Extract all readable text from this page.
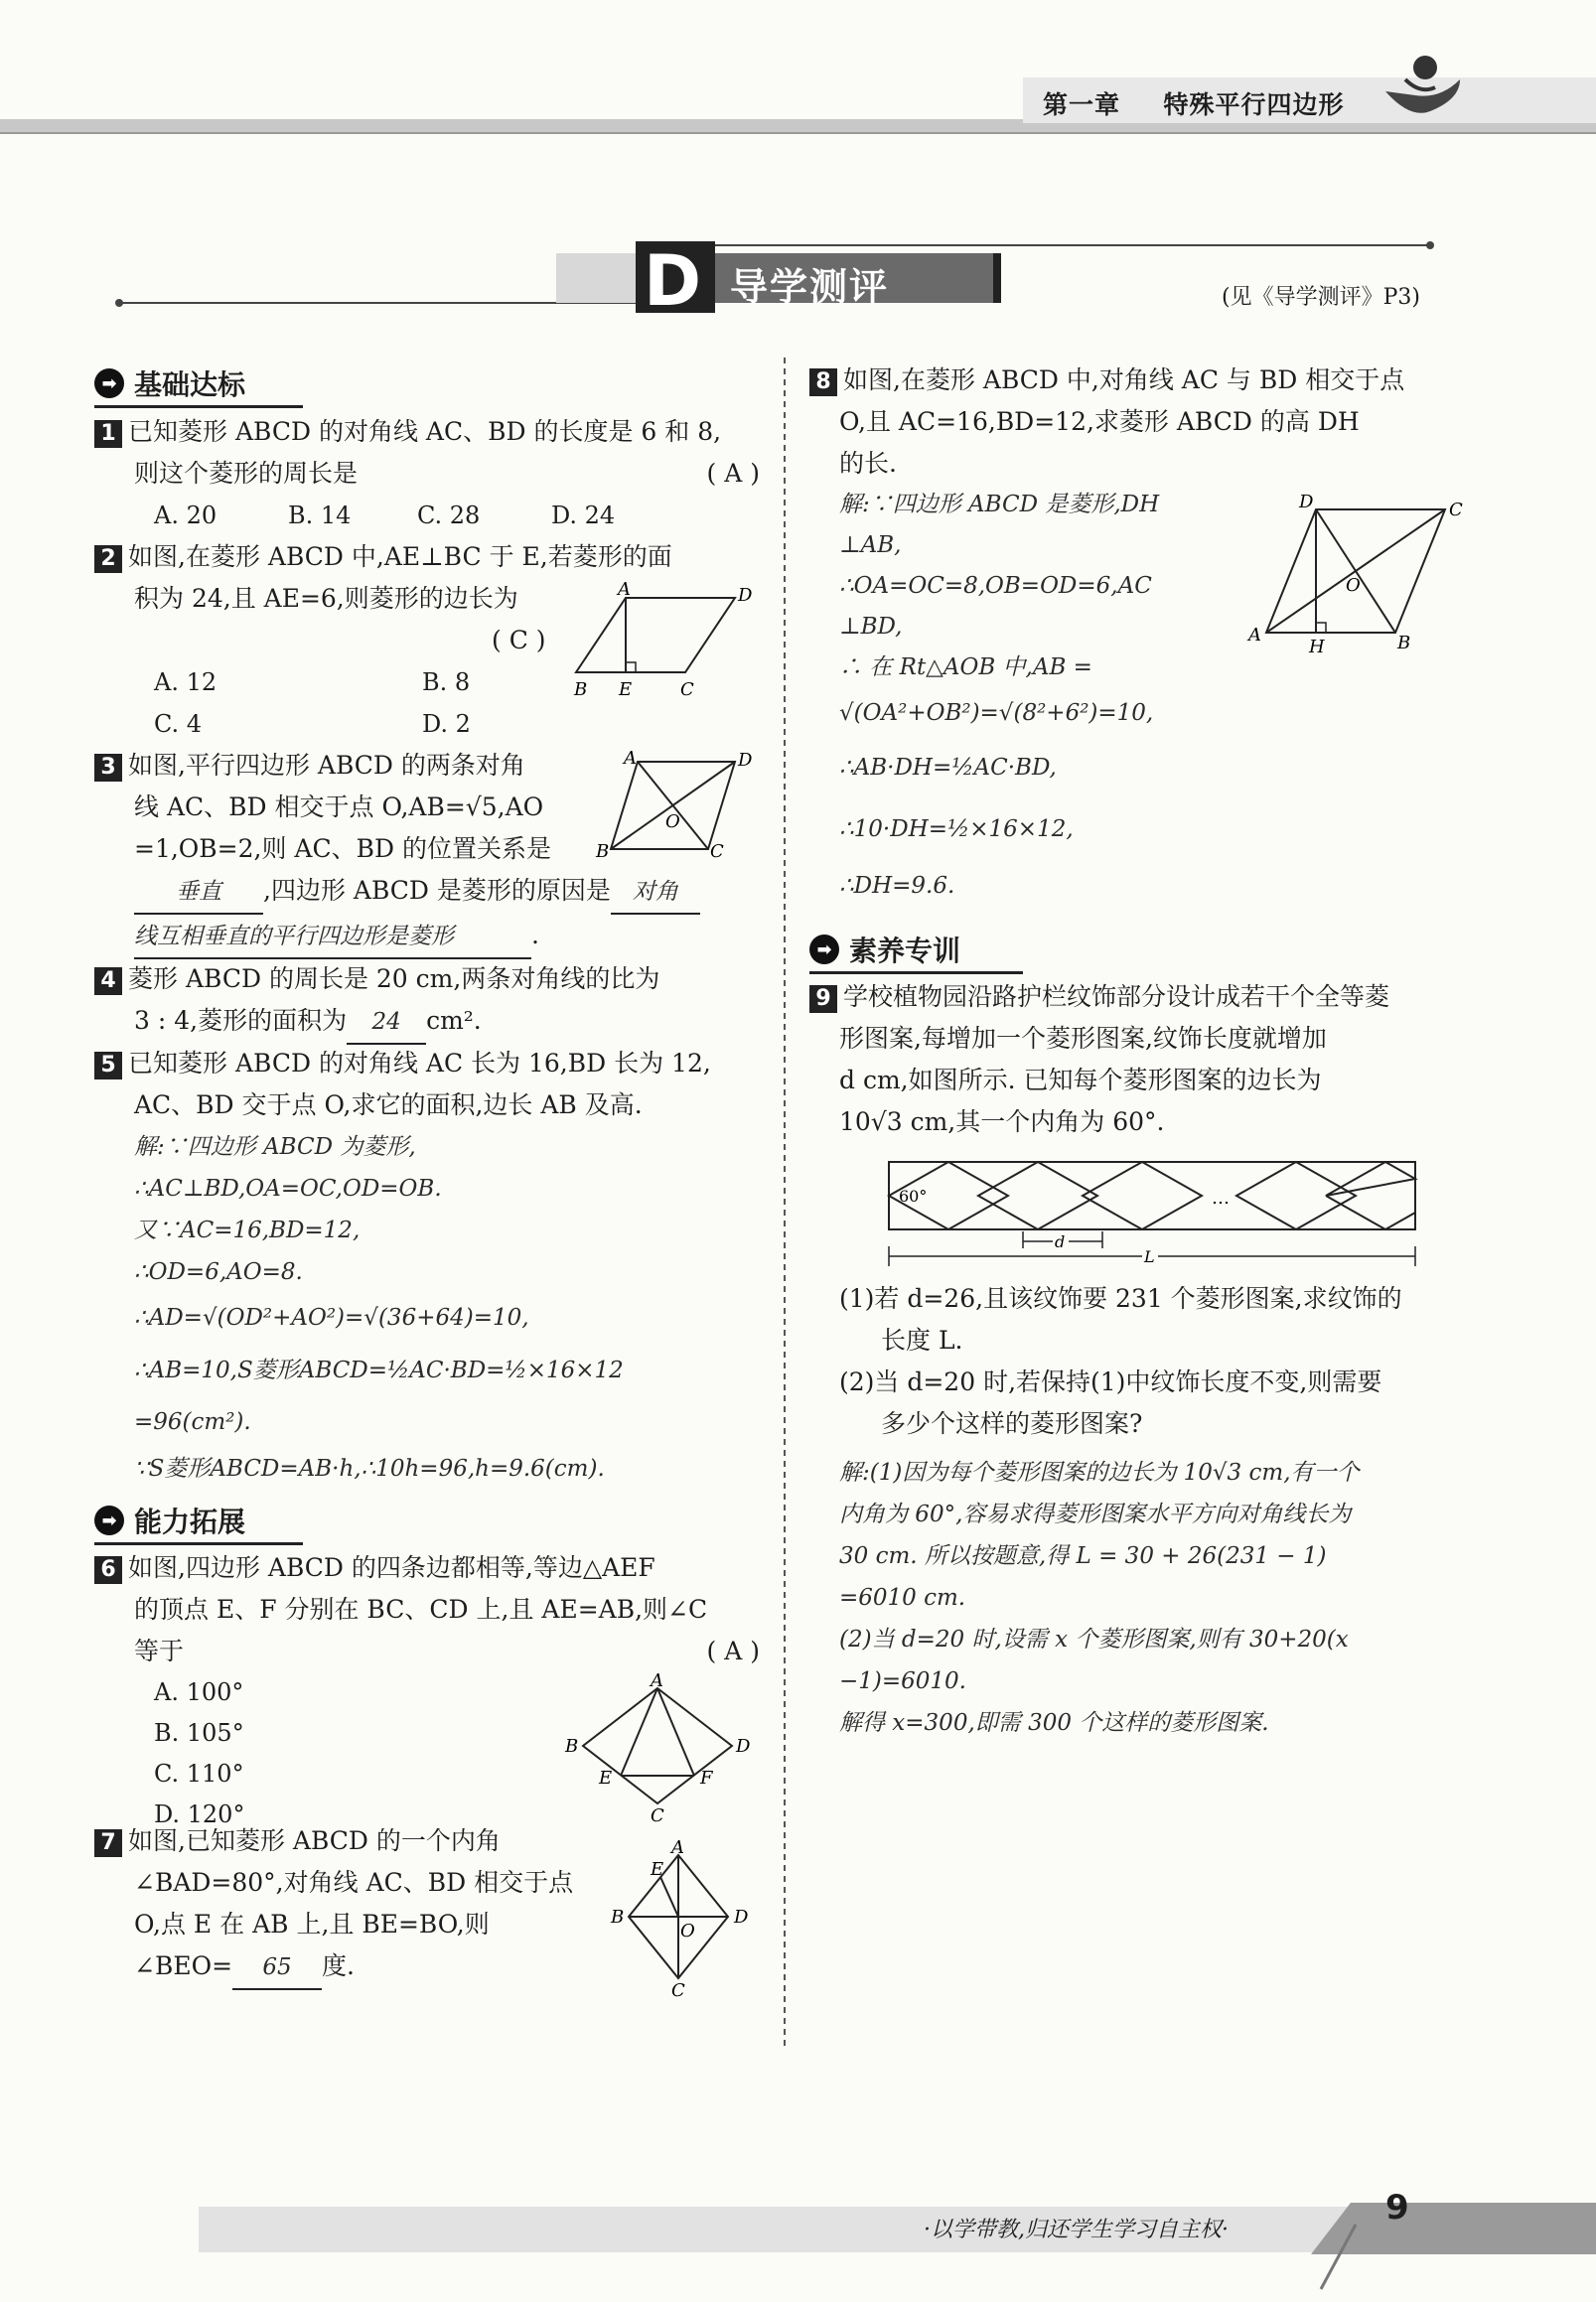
第一章 特殊平行四边形
D 导学测评	(见《导学测评》P3)
➡ 基础达标
1 已知菱形 ABCD 的对角线 AC、BD 的长度是 6 和 8,
则这个菱形的周长是	( A )
A. 20	B. 14	C. 28	D. 24
2 如图,在菱形 ABCD 中,AE⊥BC 于 E,若菱形的面
积为 24,且 AE=6,则菱形的边长为
( C )
A. 12	B. 8
C. 4	D. 2
A	D
B E	C
3 如图,平行四边形 ABCD 的两条对角
线 AC、BD 相交于点 O,AB=√5,AO
=1,OB=2,则 AC、BD 的位置关系是
垂直 ,四边形 ABCD 是菱形的原因是 对角
线互相垂直的平行四边形是菱形	.
A	D
B	C
O
4 菱形 ABCD 的周长是 20 cm,两条对角线的比为
3 : 4,菱形的面积为 24 cm².
5 已知菱形 ABCD 的对角线 AC 长为 16,BD 长为 12,
AC、BD 交于点 O,求它的面积,边长 AB 及高.
解:∵四边形 ABCD 为菱形,
∴AC⊥BD,OA=OC,OD=OB.
又∵AC=16,BD=12,
∴OD=6,AO=8.
∴AD=√(OD²+AO²)=√(36+64)=10,
∴AB=10,S菱形ABCD=½AC·BD=½×16×12
=96(cm²).
∵S菱形ABCD=AB·h,∴10h=96,h=9.6(cm).
➡ 能力拓展
6 如图,四边形 ABCD 的四条边都相等,等边△AEF
的顶点 E、F 分别在 BC、CD 上,且 AE=AB,则∠C
等于	( A )
A. 100°
B. 105°
C. 110°
D. 120°
A
B	D
E	F
C
7 如图,已知菱形 ABCD 的一个内角
∠BAD=80°,对角线 AC、BD 相交于点
O,点 E 在 AB 上,且 BE=BO,则
∠BEO= 65 度.
A
B	D
E
O
C
8 如图,在菱形 ABCD 中,对角线 AC 与 BD 相交于点
O,且 AC=16,BD=12,求菱形 ABCD 的高 DH
的长.
解:∵四边形 ABCD 是菱形,DH
⊥AB,
∴OA=OC=8,OB=OD=6,AC
⊥BD,
∴ 在 Rt△AOB 中,AB =
√(OA²+OB²)=√(8²+6²)=10,
∴AB·DH=½AC·BD,
∴10·DH=½×16×12,
∴DH=9.6.
D	C
A	B
O
H
➡ 素养专训
9 学校植物园沿路护栏纹饰部分设计成若干个全等菱
形图案,每增加一个菱形图案,纹饰长度就增加
d cm,如图所示. 已知每个菱形图案的边长为
10√3 cm,其一个内角为 60°.
60°	…
d
L
(1)若 d=26,且该纹饰要 231 个菱形图案,求纹饰的
长度 L.
(2)当 d=20 时,若保持(1)中纹饰长度不变,则需要
多少个这样的菱形图案?
解:(1)因为每个菱形图案的边长为 10√3 cm,有一个
内角为 60°,容易求得菱形图案水平方向对角线长为
30 cm. 所以按题意,得 L = 30 + 26(231 − 1)
=6010 cm.
(2)当 d=20 时,设需 x 个菱形图案,则有 30+20(x
−1)=6010.
解得 x=300,即需 300 个这样的菱形图案.
·以学带教,归还学生学习自主权·
9
